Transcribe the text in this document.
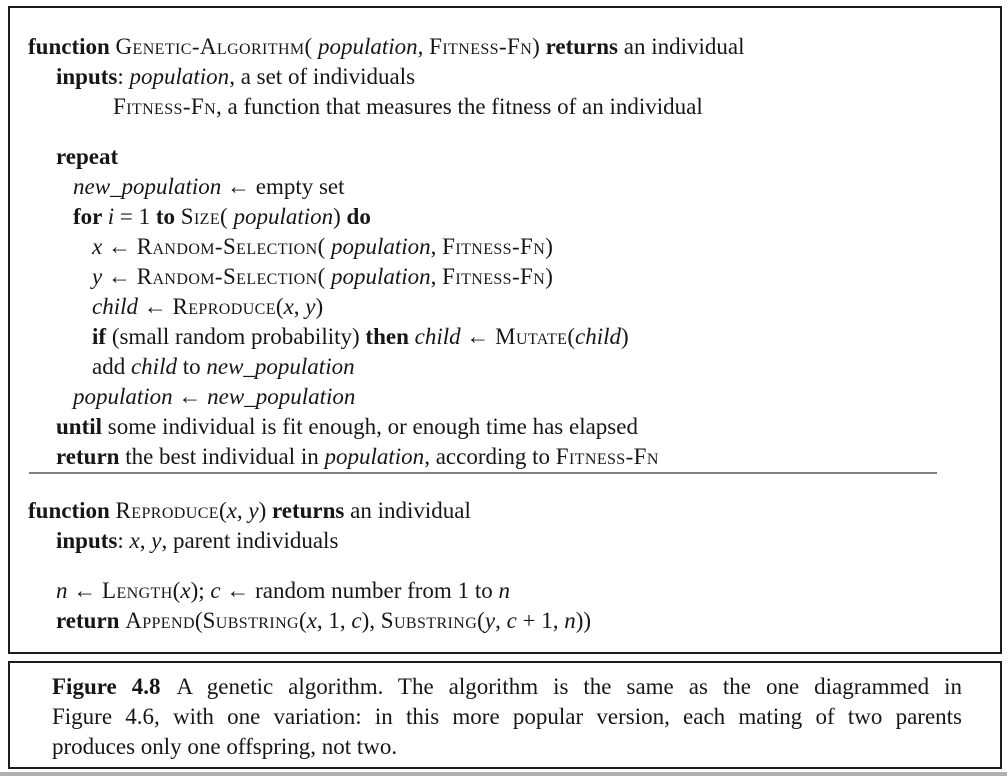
function Genetic-Algorithm( population, Fitness-Fn) returns an individual
inputs: population, a set of individuals
Fitness-Fn, a function that measures the fitness of an individual
repeat
new_population ← empty set
for i = 1 to Size( population) do
x ← Random-Selection( population, Fitness-Fn)
y ← Random-Selection( population, Fitness-Fn)
child ← Reproduce(x, y)
if (small random probability) then child ← Mutate(child)
add child to new_population
population ← new_population
until some individual is fit enough, or enough time has elapsed
return the best individual in population, according to Fitness-Fn
function Reproduce(x, y) returns an individual
inputs: x, y, parent individuals
n ← Length(x); c ← random number from 1 to n
return Append(Substring(x, 1, c), Substring(y, c + 1, n))
Figure 4.8 A genetic algorithm. The algorithm is the same as the one diagrammed in
Figure 4.6, with one variation: in this more popular version, each mating of two parents
produces only one offspring, not two.
